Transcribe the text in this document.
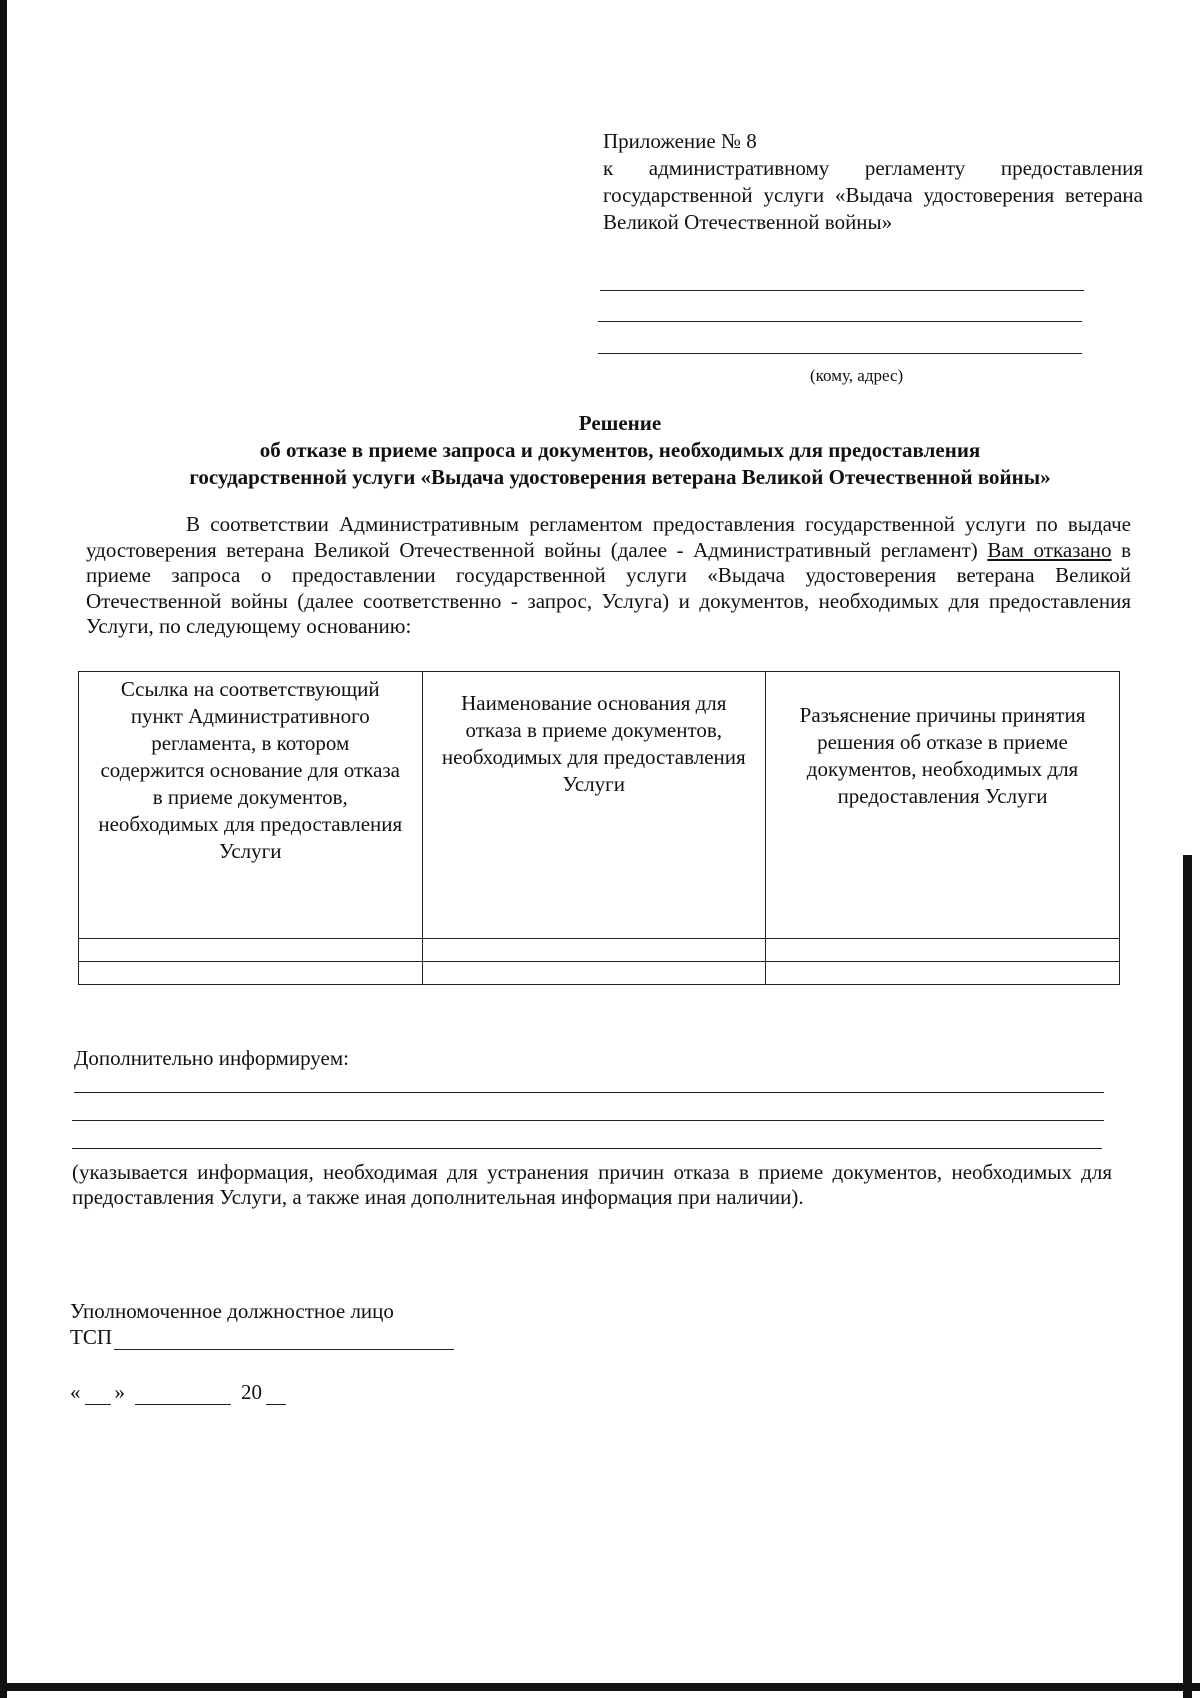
Приложение № 8
к административному регламенту предоставления государственной услуги «Выдача удостоверения ветерана Великой Отечественной войны»
(кому, адрес)
Решение
об отказе в приеме запроса и документов, необходимых для предоставления
государственной услуги «Выдача удостоверения ветерана Великой Отечественной войны»
В соответствии Административным регламентом предоставления государственной услуги по выдаче удостоверения ветерана Великой Отечественной войны (далее - Административный регламент) Вам отказано в приеме запроса о предоставлении государственной услуги «Выдача удостоверения ветерана Великой Отечественной войны (далее соответственно - запрос, Услуга) и документов, необходимых для предоставления Услуги, по следующему основанию:
Ссылка на соответствующий пункт Административного регламента, в котором содержится основание для отказа в приеме документов, необходимых для предоставления Услуги	Наименование основания для отказа в приеме документов, необходимых для предоставления Услуги	Разъяснение причины принятия решения об отказе в приеме документов, необходимых для предоставления Услуги

Дополнительно информируем:
(указывается информация, необходимая для устранения причин отказа в приеме документов, необходимых для предоставления Услуги, а также иная дополнительная информация при наличии).
Уполномоченное должностное лицо
ТСП
« »	20
